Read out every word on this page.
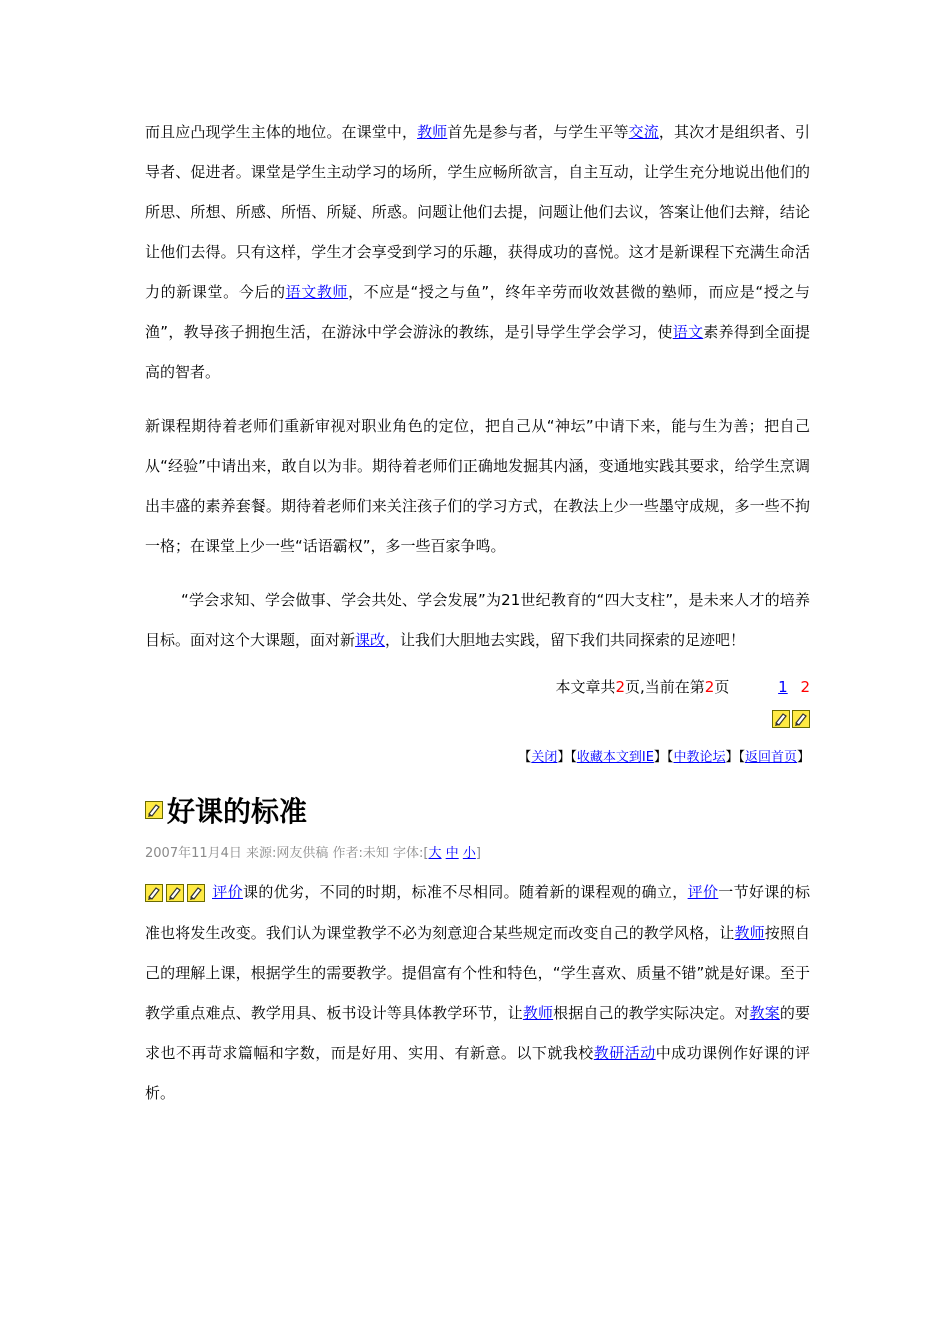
而且应凸现学生主体的地位。在课堂中，教师首先是参与者，与学生平等交流，其次才是组织者、引导者、促进者。课堂是学生主动学习的场所，学生应畅所欲言，自主互动，让学生充分地说出他们的所思、所想、所感、所悟、所疑、所惑。问题让他们去提，问题让他们去议，答案让他们去辩，结论让他们去得。只有这样，学生才会享受到学习的乐趣，获得成功的喜悦。这才是新课程下充满生命活力的新课堂。今后的语文教师，不应是“授之与鱼”，终年辛劳而收效甚微的塾师，而应是“授之与渔”，教导孩子拥抱生活，在游泳中学会游泳的教练，是引导学生学会学习，使语文素养得到全面提高的智者。

新课程期待着老师们重新审视对职业角色的定位，把自己从“神坛”中请下来，能与生为善；把自己从“经验”中请出来，敢自以为非。期待着老师们正确地发掘其内涵，变通地实践其要求，给学生烹调出丰盛的素养套餐。期待着老师们来关注孩子们的学习方式，在教法上少一些墨守成规，多一些不拘一格；在课堂上少一些“话语霸权”，多一些百家争鸣。

“学会求知、学会做事、学会共处、学会发展”为21世纪教育的“四大支柱”，是未来人才的培养目标。面对这个大课题，面对新课改，让我们大胆地去实践，留下我们共同探索的足迹吧！

本文章共2页,当前在第2页	1 2
【关闭】【收藏本文到IE】【中教论坛】【返回首页】
好课的标准
2007年11月4日 来源:网友供稿 作者:未知 字体:[大 中 小]

评价课的优劣，不同的时期，标准不尽相同。随着新的课程观的确立，评价一节好课的标准也将发生改变。我们认为课堂教学不必为刻意迎合某些规定而改变自己的教学风格，让教师按照自己的理解上课，根据学生的需要教学。提倡富有个性和特色，“学生喜欢、质量不错”就是好课。至于教学重点难点、教学用具、板书设计等具体教学环节，让教师根据自己的教学实际决定。对教案的要求也不再苛求篇幅和字数，而是好用、实用、有新意。以下就我校教研活动中成功课例作好课的评析。
